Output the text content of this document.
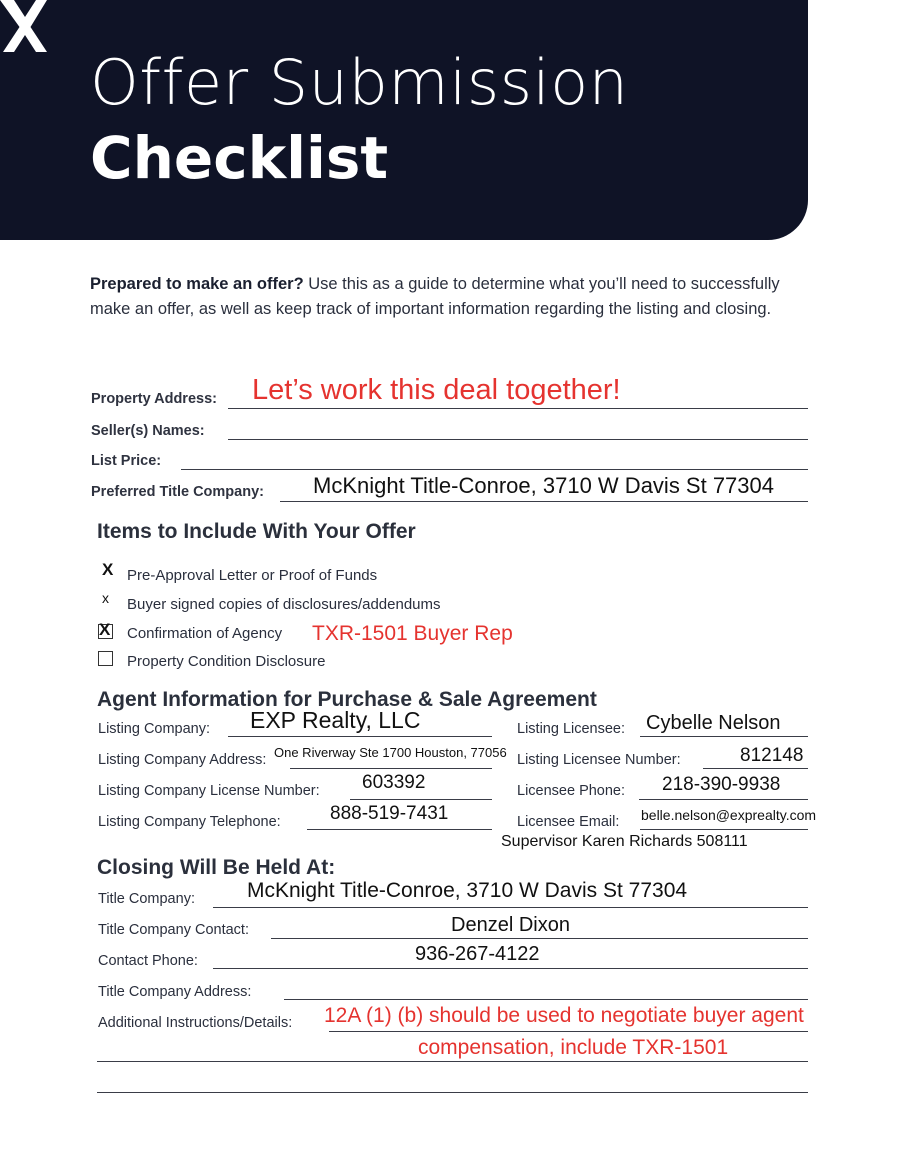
Offer Submission
Checklist
Prepared to make an offer? Use this as a guide to determine what you’ll need to successfully make an offer, as well as keep track of important information regarding the listing and closing.
Property Address: Let’s work this deal together!
Seller(s) Names:
List Price:
Preferred Title Company: McKnight Title-Conroe, 3710 W Davis St 77304
Items to Include With Your Offer
X Pre-Approval Letter or Proof of Funds
x Buyer signed copies of disclosures/addendums
X Confirmation of Agency TXR-1501 Buyer Rep
Property Condition Disclosure
Agent Information for Purchase & Sale Agreement
Listing Company: EXP Realty, LLC
Listing Company Address: One Riverway Ste 1700 Houston, 77056
Listing Company License Number: 603392
Listing Company Telephone:	888-519-7431
Listing Licensee: Cybelle Nelson
Listing Licensee Number:	812148
Licensee Phone: 218-390-9938
Licensee Email: belle.nelson@exprealty.com
Supervisor Karen Richards 508111
Closing Will Be Held At:
Title Company: McKnight Title-Conroe, 3710 W Davis St 77304
Title Company Contact:	Denzel Dixon
Contact Phone:	936-267-4122
Title Company Address:
Additional Instructions/Details: 12A (1) (b) should be used to negotiate buyer agent
compensation, include TXR-1501
